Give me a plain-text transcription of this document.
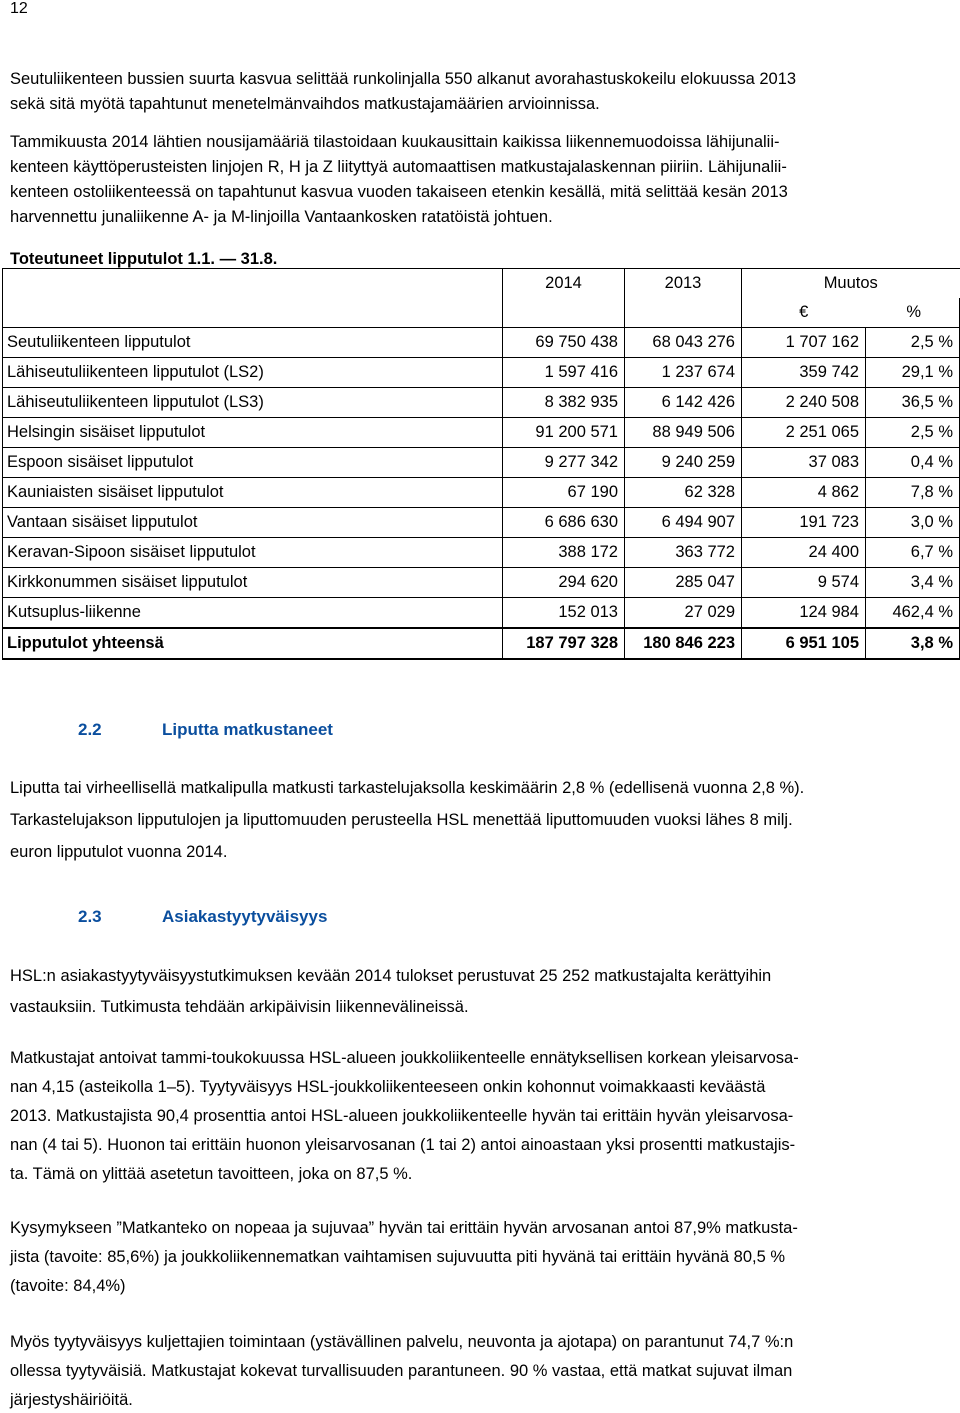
12

Seutuliikenteen bussien suurta kasvua selittää runkolinjalla 550 alkanut avorahastuskokeilu elokuussa 2013
sekä sitä myötä tapahtunut menetelmänvaihdos matkustajamäärien arvioinnissa.

Tammikuusta 2014 lähtien nousijamääriä tilastoidaan kuukausittain kaikissa liikennemuodoissa lähijunalii-
kenteen käyttöperusteisten linjojen R, H ja Z liityttyä automaattisen matkustajalaskennan piiriin. Lähijunalii-
kenteen ostoliikenteessä on tapahtunut kasvua vuoden takaiseen etenkin kesällä, mitä selittää kesän 2013
harvennettu junaliikenne A- ja M-linjoilla Vantaankosken ratatöistä johtuen.

Toteutuneet lipputulot 1.1. — 31.8.
	2014	2013	Muutos	
			€	%
Seutuliikenteen lipputulot	69 750 438	68 043 276	1 707 162	2,5 %
Lähiseutuliikenteen lipputulot (LS2)	1 597 416	1 237 674	359 742	29,1 %
Lähiseutuliikenteen lipputulot (LS3)	8 382 935	6 142 426	2 240 508	36,5 %
Helsingin sisäiset lipputulot	91 200 571	88 949 506	2 251 065	2,5 %
Espoon sisäiset lipputulot	9 277 342	9 240 259	37 083	0,4 %
Kauniaisten sisäiset lipputulot	67 190	62 328	4 862	7,8 %
Vantaan sisäiset lipputulot	6 686 630	6 494 907	191 723	3,0 %
Keravan-Sipoon sisäiset lipputulot	388 172	363 772	24 400	6,7 %
Kirkkonummen sisäiset lipputulot	294 620	285 047	9 574	3,4 %
Kutsuplus-liikenne	152 013	27 029	124 984	462,4 %
Lipputulot yhteensä	187 797 328	180 846 223	6 951 105	3,8 %
2.2	Liputta matkustaneet

Liputta tai virheellisellä matkalipulla matkusti tarkastelujaksolla keskimäärin 2,8 % (edellisenä vuonna 2,8 %).
Tarkastelujakson lipputulojen ja liputtomuuden perusteella HSL menettää liputtomuuden vuoksi lähes 8 milj.
euron lipputulot vuonna 2014.

2.3	Asiakastyytyväisyys

HSL:n asiakastyytyväisyystutkimuksen kevään 2014 tulokset perustuvat 25 252 matkustajalta kerättyihin
vastauksiin. Tutkimusta tehdään arkipäivisin liikennevälineissä.

Matkustajat antoivat tammi-toukokuussa HSL-alueen joukkoliikenteelle ennätyksellisen korkean yleisarvosa-
nan 4,15 (asteikolla 1–5). Tyytyväisyys HSL-joukkoliikenteeseen onkin kohonnut voimakkaasti keväästä
2013. Matkustajista 90,4 prosenttia antoi HSL-alueen joukkoliikenteelle hyvän tai erittäin hyvän yleisarvosa-
nan (4 tai 5). Huonon tai erittäin huonon yleisarvosanan (1 tai 2) antoi ainoastaan yksi prosentti matkustajis-
ta. Tämä on ylittää asetetun tavoitteen, joka on 87,5 %.

Kysymykseen ”Matkanteko on nopeaa ja sujuvaa” hyvän tai erittäin hyvän arvosanan antoi 87,9% matkusta-
jista (tavoite: 85,6%) ja joukkoliikennematkan vaihtamisen sujuvuutta piti hyvänä tai erittäin hyvänä 80,5 %
(tavoite: 84,4%)

Myös tyytyväisyys kuljettajien toimintaan (ystävällinen palvelu, neuvonta ja ajotapa) on parantunut 74,7 %:n
ollessa tyytyväisiä. Matkustajat kokevat turvallisuuden parantuneen. 90 % vastaa, että matkat sujuvat ilman
järjestyshäiriöitä.
